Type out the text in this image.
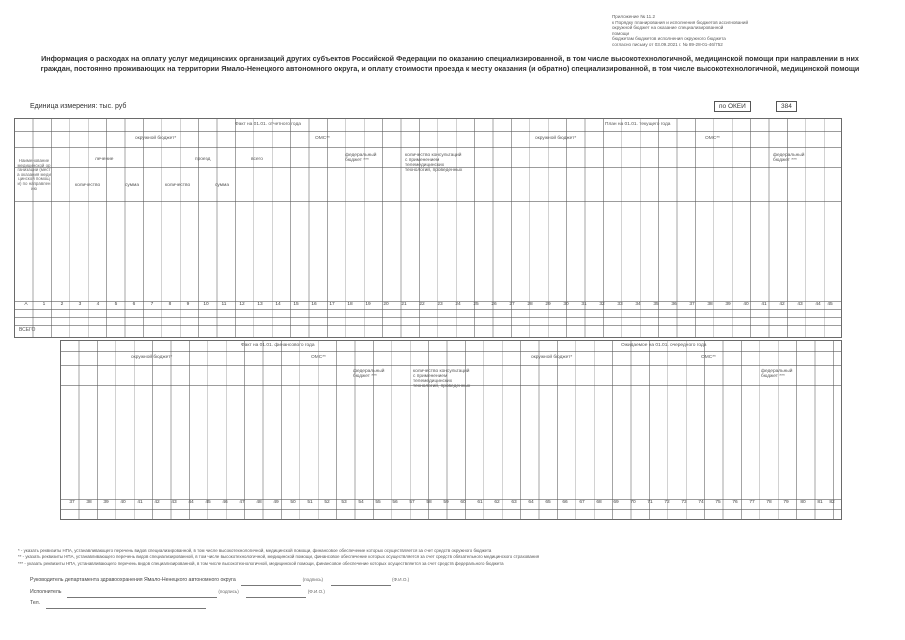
Приложение № 11.2
к Порядку планирования и исполнения бюджетов ассигнований
окружной бюджет на оказание специализированной
помощи
бюджетам бюджетов исполнения окружного бюджета
согласно письму от 03.09.2021 г. № 89-28-01-46/752
Информация о расходах на оплату услуг медицинских организаций других субъектов Российской Федерации по оказанию специализированной, в том числе высокотехнологичной, медицинской помощи при направлении в них граждан, постоянно проживающих на территории Ямало-Ненецкого автономного округа, и оплату стоимости проезда к месту оказания (и обратно) специализированной, в том числе высокотехнологичной, медицинской помощи
Единица измерения: тыс. руб	по ОКЕИ	384
Факт на 01.01. отчетного года	План на 01.01. текущего года
окружной бюджет*	ОМС**
федеральный бюджет ***
количество консультаций с применением телемедицинских технологий, проведенных
окружной бюджет*	ОМС**
федеральный бюджет ***
лечение	проезд	всего
количество	сумма	количество	сумма
Наименование медицинской организации (места оказания медицинской помощи) по направлению
А	1	2	3	4	5	6	7	8	9	10	11	12	13	14	15	16	17	18	19	20	21	22	23	24	25	26	27	28	29	30	31	32	33	34	35	36	37	38	39	40	41	42	43	44	45
ВСЕГО
Факт на 01.01. финансового года	Ожидаемое на 01.01. очередного года
окружной бюджет*	ОМС**
федеральный бюджет ***
количество консультаций с применением телемедицинских технологий, проведенных
окружной бюджет*	ОМС**
федеральный бюджет ***
37	38	39	40	41	42	43	44	45	46	47	48	49	50	51	52	53	54	55	56	57	58	59	60	61	62	63	64	65	66	67	68	69	70	71	72	73	74	75	76	77	78	79	80	81	82
* - указать реквизиты НПА, устанавливающего перечень видов специализированной, в том числе высокотехнологичной, медицинской помощи, финансовое обеспечение которых осуществляется за счет средств окружного бюджета
** - указать реквизиты НПА, устанавливающего перечень видов специализированной, в том числе высокотехнологичной, медицинской помощи, финансовое обеспечение которых осуществляется за счет средств обязательного медицинского страхования
*** - указать реквизиты НПА, устанавливающего перечень видов специализированной, в том числе высокотехнологичной, медицинской помощи, финансовое обеспечение которых осуществляется за счет средств федерального бюджета
Руководитель департамента здравоохранения Ямало-Ненецкого автономного округа	(подпись)	(Ф.И.О.)
Исполнитель	(подпись)	(Ф.И.О.)
Тел.
